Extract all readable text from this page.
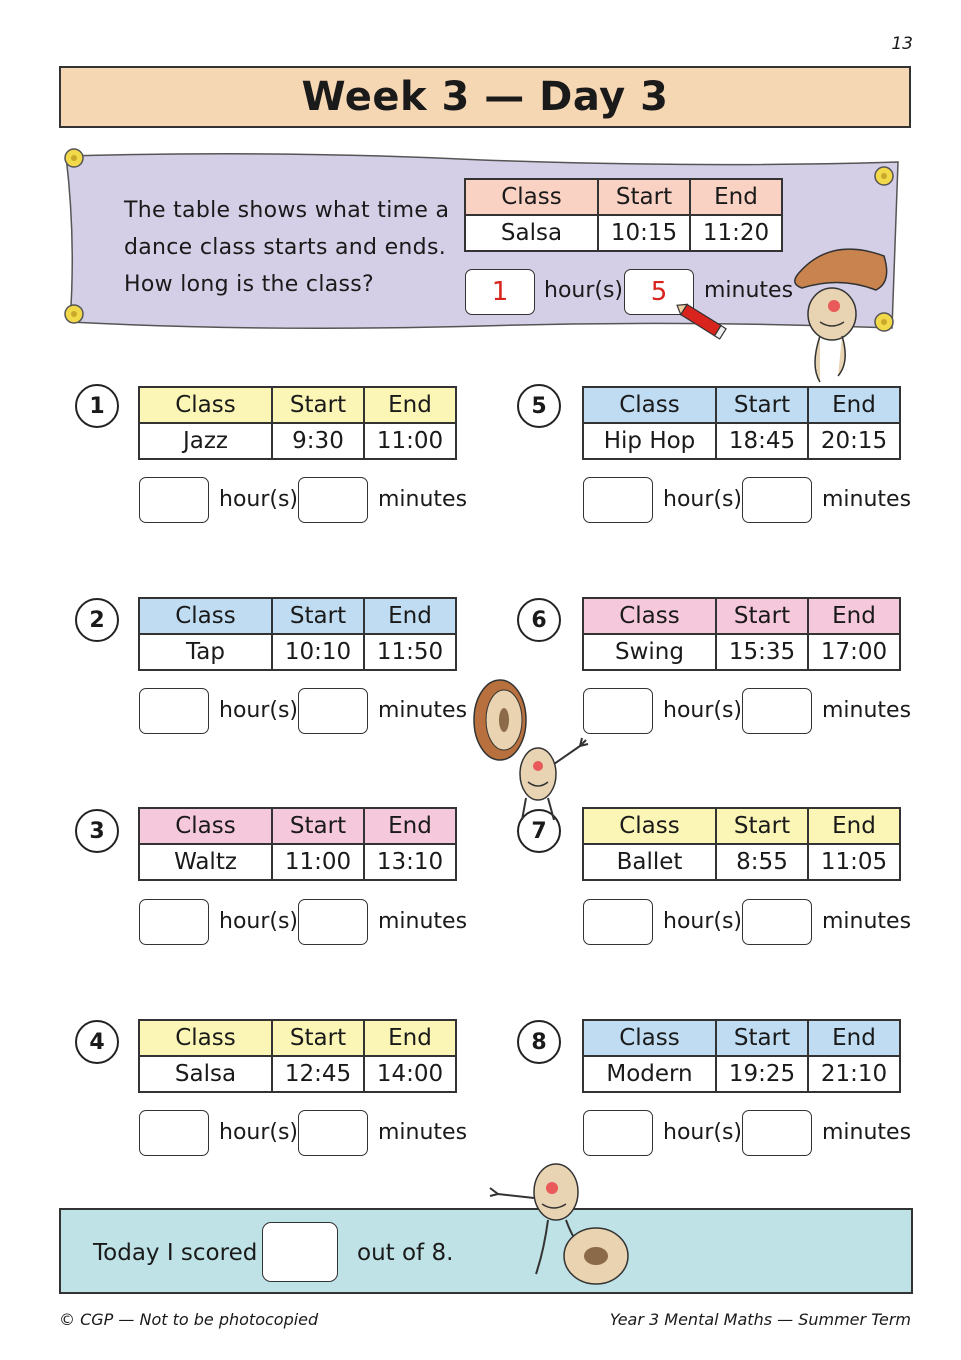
13
Week 3 — Day 3
The table shows what time a
dance class starts and ends.
How long is the class?
Class	Start	End
Salsa	10:15	11:20
1	hour(s)	5	minutes
1	Class	Start	End
Jazz	9:30	11:00
hour(s)	minutes
2	Class	Start	End
Tap	10:10	11:50
hour(s)	minutes
3	Class	Start	End
Waltz	11:00	13:10
hour(s)	minutes
4	Class	Start	End
Salsa	12:45	14:00
hour(s)	minutes
5	Class	Start	End
Hip Hop	18:45	20:15
hour(s)	minutes
6	Class	Start	End
Swing	15:35	17:00
hour(s)	minutes
7	Class	Start	End
Ballet	8:55	11:05
hour(s)	minutes
8	Class	Start	End
Modern	19:25	21:10
hour(s)	minutes
Today I scored	out of 8.
© CGP — Not to be photocopied	Year 3 Mental Maths — Summer Term
